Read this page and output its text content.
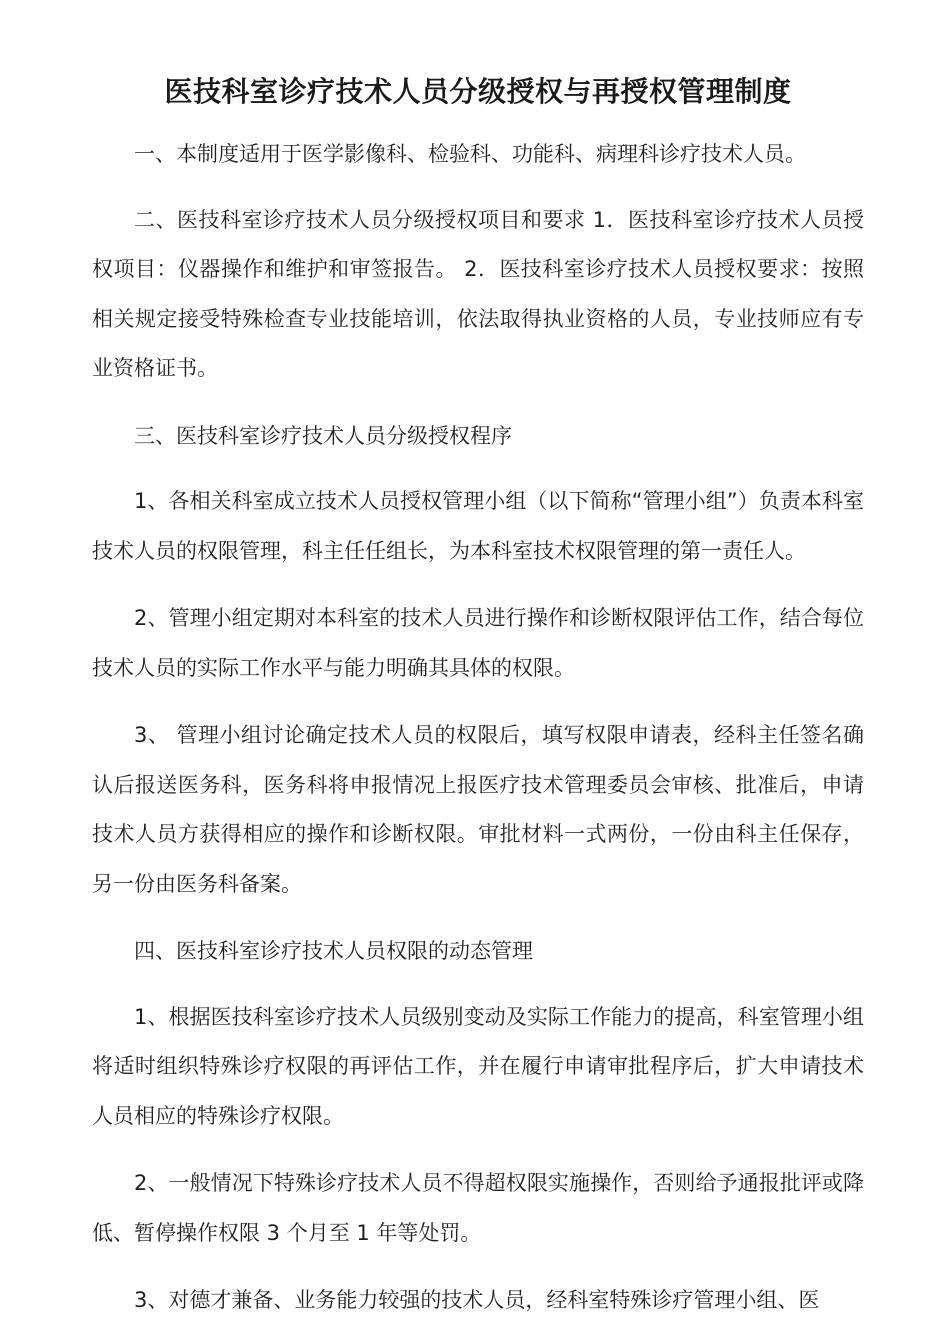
医技科室诊疗技术人员分级授权与再授权管理制度

一、本制度适用于医学影像科、检验科、功能科、病理科诊疗技术人员。

二、医技科室诊疗技术人员分级授权项目和要求 1．医技科室诊疗技术人员授权项目：仪器操作和维护和审签报告。 2．医技科室诊疗技术人员授权要求：按照相关规定接受特殊检查专业技能培训，依法取得执业资格的人员，专业技师应有专业资格证书。

三、医技科室诊疗技术人员分级授权程序

1、各相关科室成立技术人员授权管理小组（以下简称“管理小组”）负责本科室技术人员的权限管理，科主任任组长，为本科室技术权限管理的第一责任人。

2、管理小组定期对本科室的技术人员进行操作和诊断权限评估工作，结合每位技术人员的实际工作水平与能力明确其具体的权限。

3、 管理小组讨论确定技术人员的权限后，填写权限申请表，经科主任签名确认后报送医务科，医务科将申报情况上报医疗技术管理委员会审核、批准后，申请技术人员方获得相应的操作和诊断权限。审批材料一式两份，一份由科主任保存，另一份由医务科备案。

四、医技科室诊疗技术人员权限的动态管理

1、根据医技科室诊疗技术人员级别变动及实际工作能力的提高，科室管理小组将适时组织特殊诊疗权限的再评估工作，并在履行申请审批程序后，扩大申请技术人员相应的特殊诊疗权限。

2、一般情况下特殊诊疗技术人员不得超权限实施操作，否则给予通报批评或降低、暂停操作权限 3 个月至 1 年等处罚。

3、对德才兼备、业务能力较强的技术人员，经科室特殊诊疗管理小组、医
